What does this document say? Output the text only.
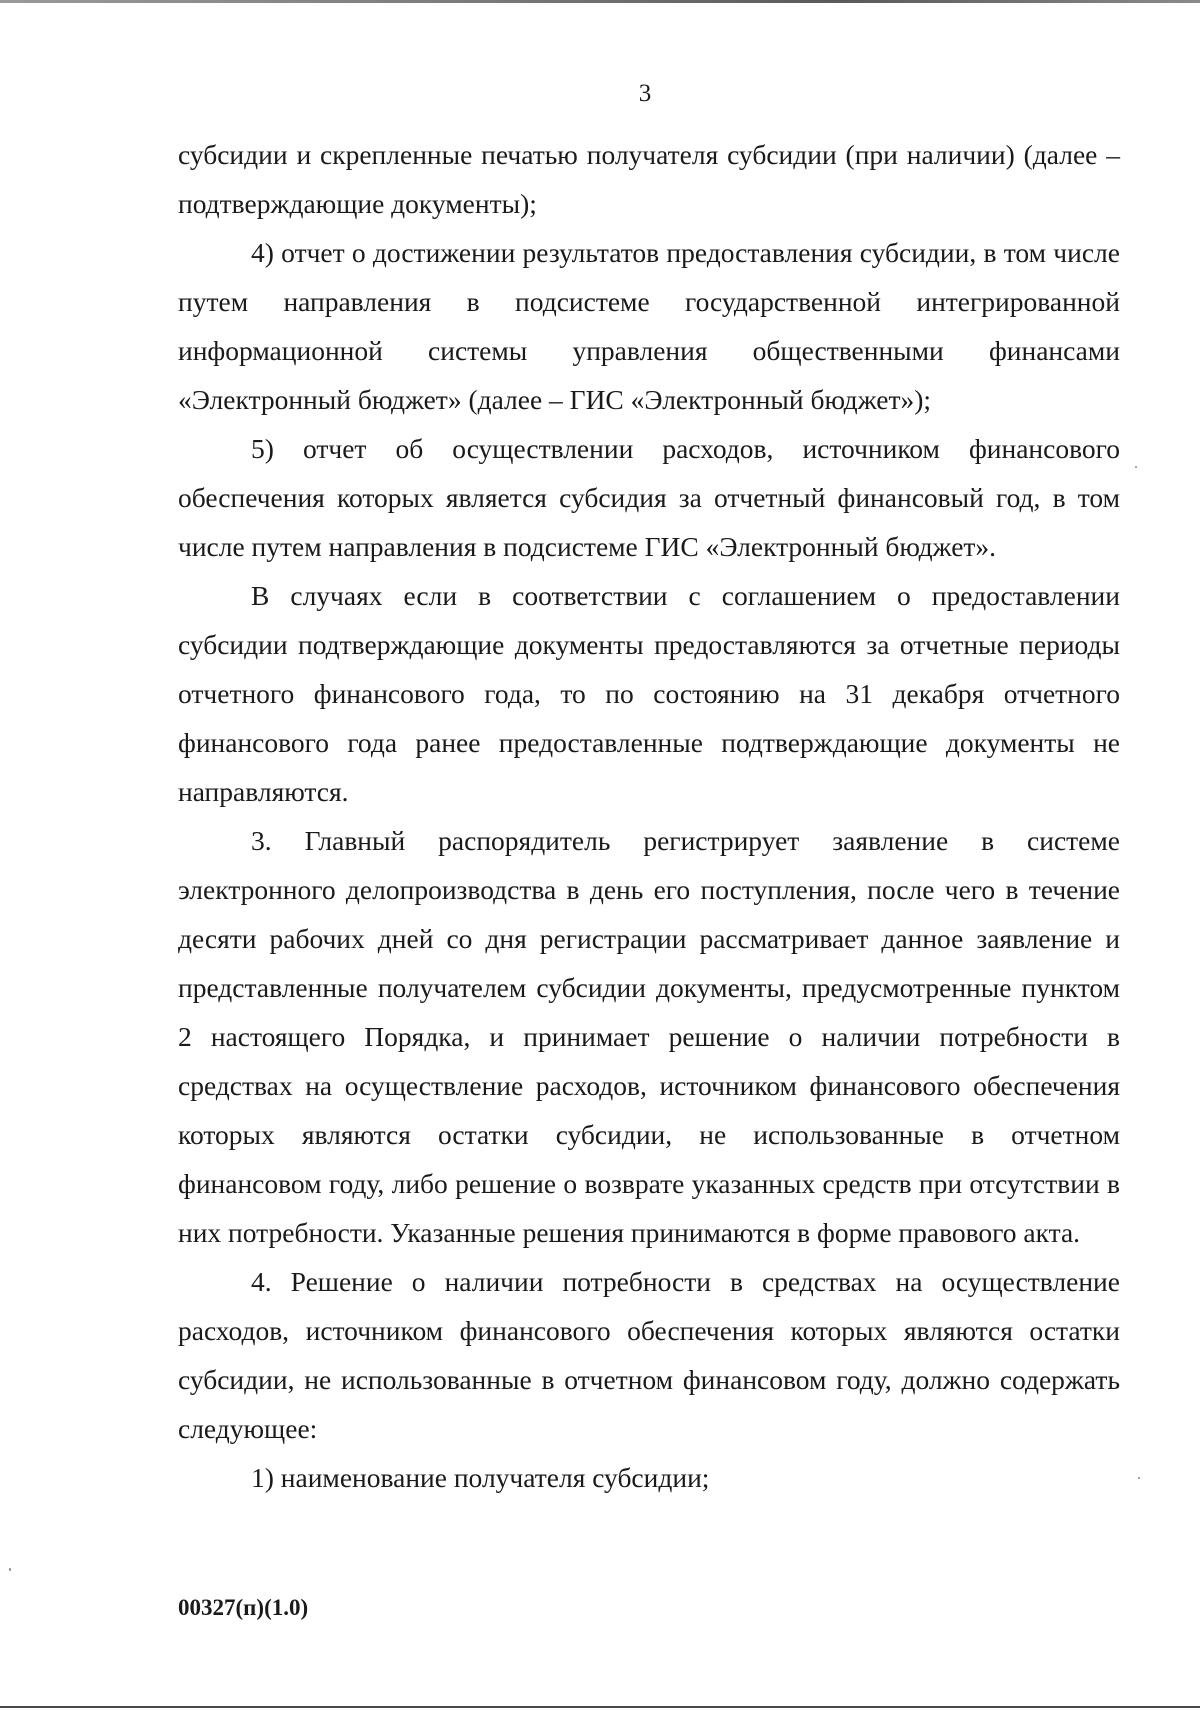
3

субсидии и скрепленные печатью получателя субсидии (при наличии) (далее – подтверждающие документы);

4) отчет о достижении результатов предоставления субсидии, в том числе путем направления в подсистеме государственной интегрированной информационной системы управления общественными финансами «Электронный бюджет» (далее – ГИС «Электронный бюджет»);

5) отчет об осуществлении расходов, источником финансового обеспечения которых является субсидия за отчетный финансовый год, в том числе путем направления в подсистеме ГИС «Электронный бюджет».

В случаях если в соответствии с соглашением о предоставлении субсидии подтверждающие документы предоставляются за отчетные периоды отчетного финансового года, то по состоянию на 31 декабря отчетного финансового года ранее предоставленные подтверждающие документы не направляются.

3. Главный распорядитель регистрирует заявление в системе электронного делопроизводства в день его поступления, после чего в течение десяти рабочих дней со дня регистрации рассматривает данное заявление и представленные получателем субсидии документы, предусмотренные пунктом 2 настоящего Порядка, и принимает решение о наличии потребности в средствах на осуществление расходов, источником финансового обеспечения которых являются остатки субсидии, не использованные в отчетном финансовом году, либо решение о возврате указанных средств при отсутствии в них потребности. Указанные решения принимаются в форме правового акта.

4. Решение о наличии потребности в средствах на осуществление расходов, источником финансового обеспечения которых являются остатки субсидии, не использованные в отчетном финансовом году, должно содержать следующее:

1) наименование получателя субсидии;

00327(п)(1.0)
